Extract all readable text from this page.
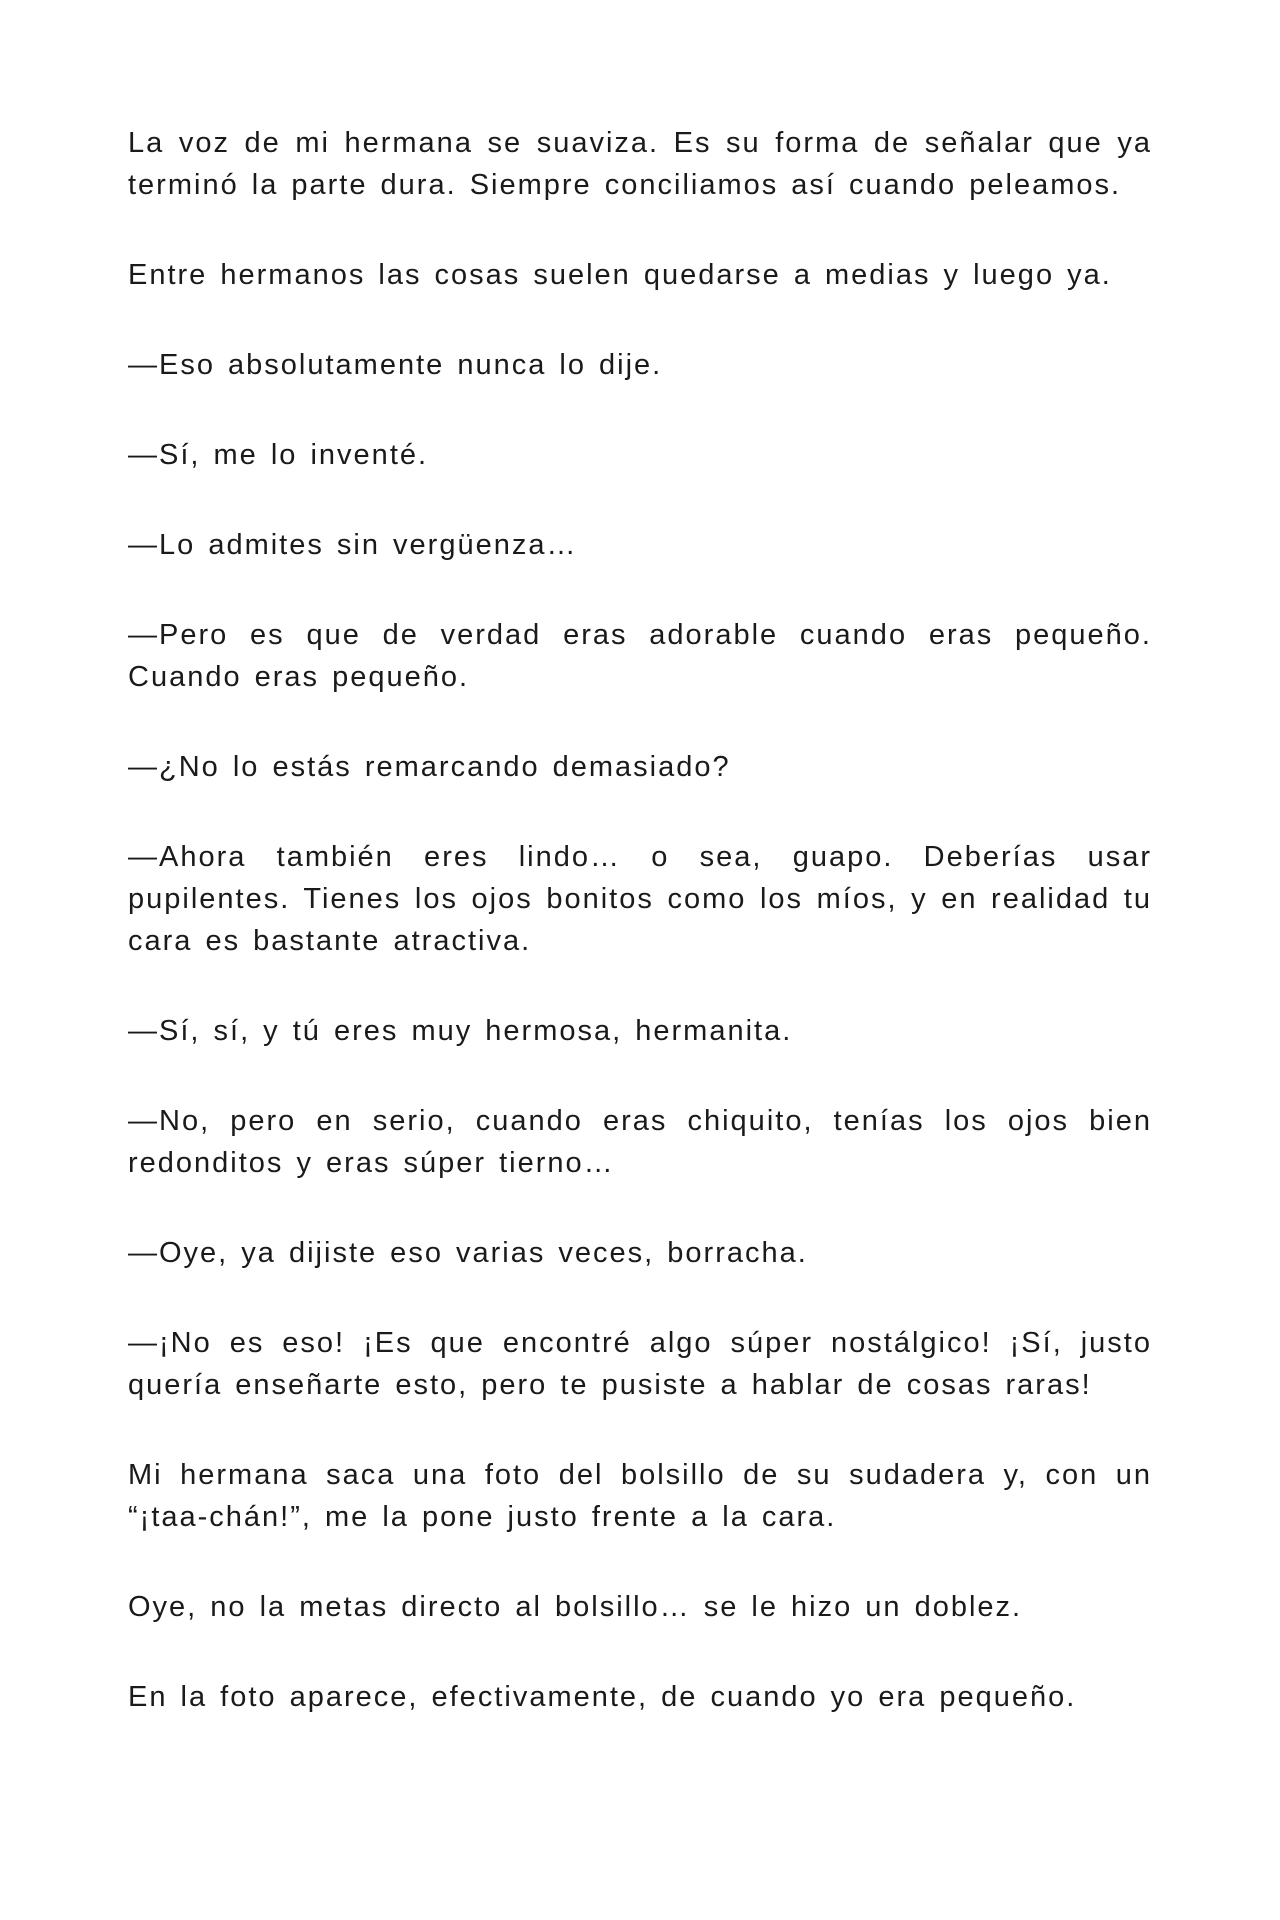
La voz de mi hermana se suaviza. Es su forma de señalar que ya terminó la parte dura. Siempre conciliamos así cuando peleamos.

Entre hermanos las cosas suelen quedarse a medias y luego ya.

—Eso absolutamente nunca lo dije.

—Sí, me lo inventé.

—Lo admites sin vergüenza…

—Pero es que de verdad eras adorable cuando eras pequeño. Cuando eras pequeño.

—¿No lo estás remarcando demasiado?

—Ahora también eres lindo… o sea, guapo. Deberías usar pupilentes. Tienes los ojos bonitos como los míos, y en realidad tu cara es bastante atractiva.

—Sí, sí, y tú eres muy hermosa, hermanita.

—No, pero en serio, cuando eras chiquito, tenías los ojos bien redonditos y eras súper tierno…

—Oye, ya dijiste eso varias veces, borracha.

—¡No es eso! ¡Es que encontré algo súper nostálgico! ¡Sí, justo quería enseñarte esto, pero te pusiste a hablar de cosas raras!

Mi hermana saca una foto del bolsillo de su sudadera y, con un “¡taa-chán!”, me la pone justo frente a la cara.

Oye, no la metas directo al bolsillo… se le hizo un doblez.

En la foto aparece, efectivamente, de cuando yo era pequeño.
